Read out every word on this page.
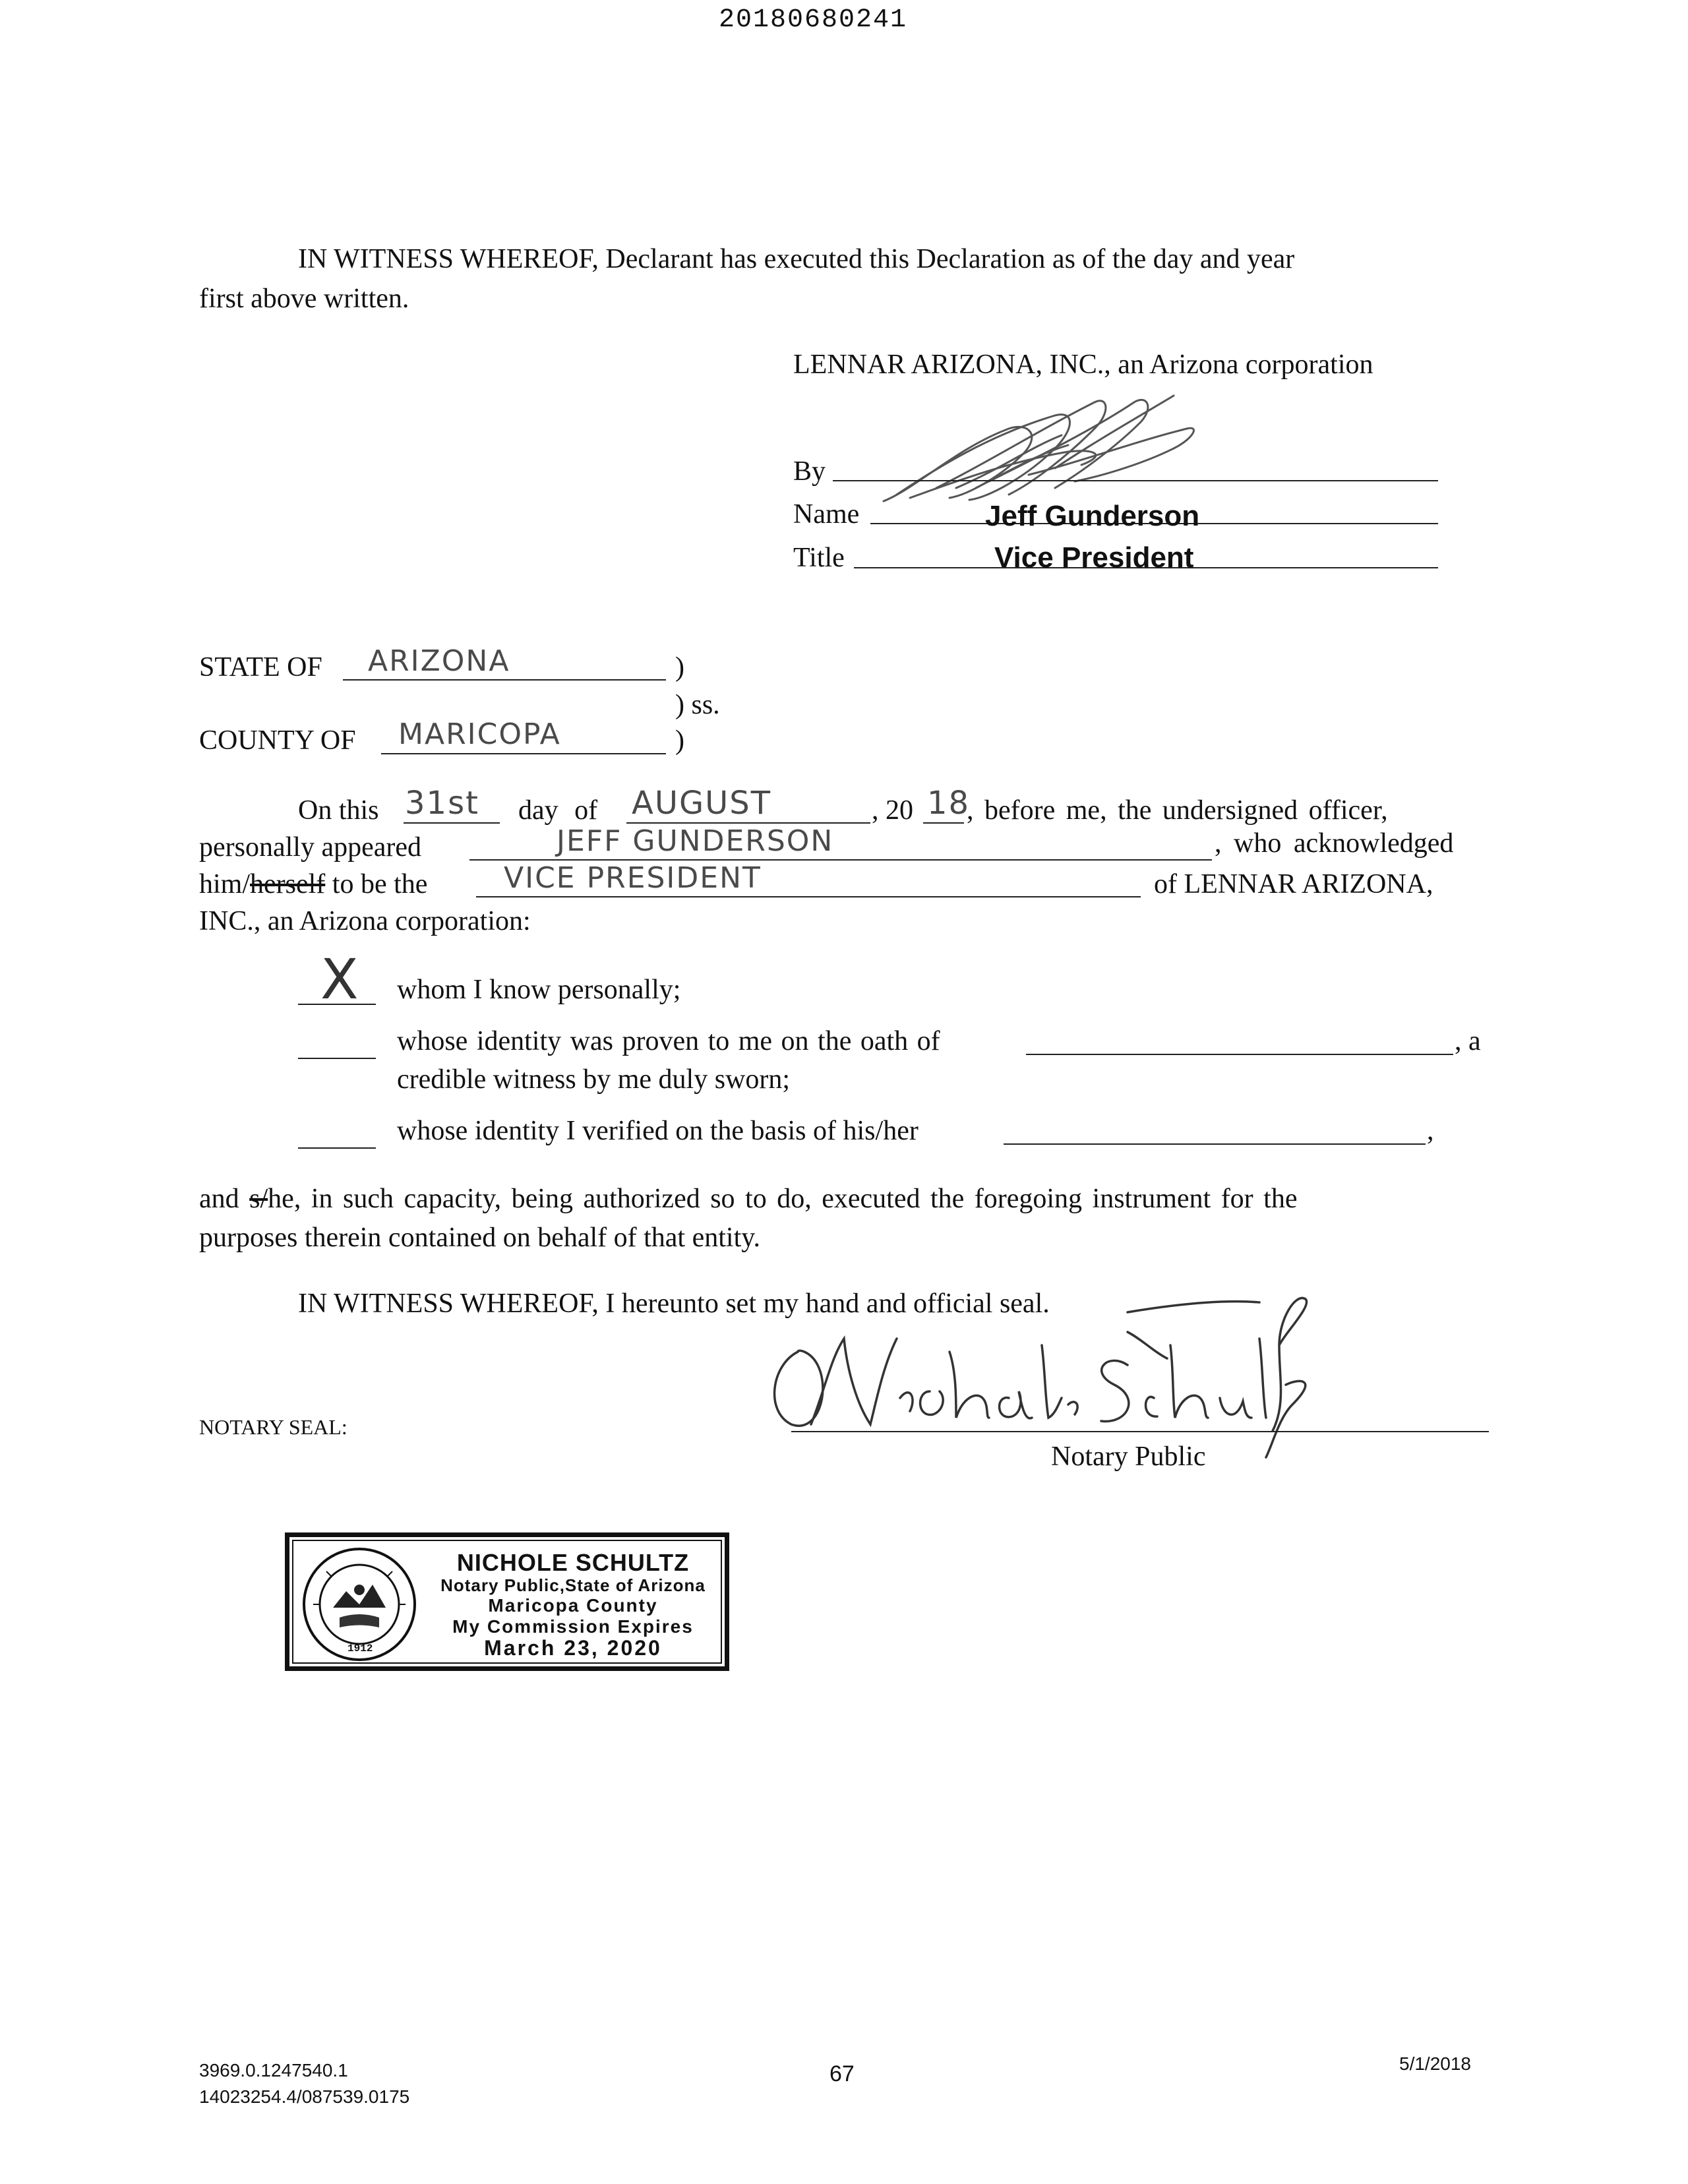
20180680241
IN WITNESS WHEREOF, Declarant has executed this Declaration as of the day and year
first above written.
LENNAR ARIZONA, INC., an Arizona corporation
By
Name	Jeff Gunderson
Title	Vice President
STATE OF ARIZONA	)
) ss.
COUNTY OF MARICOPA	)
On this 31st day of AUGUST	, 20 18
, before me, the undersigned officer,
personally appeared	JEFF GUNDERSON	, who acknowledged
him/herself to be the	VICE PRESIDENT	of LENNAR ARIZONA,
INC., an Arizona corporation:
X whom I know personally;
whose identity was proven to me on the oath of	, a
credible witness by me duly sworn;
whose identity I verified on the basis of his/her	,
and s/he, in such capacity, being authorized so to do, executed the foregoing instrument for the
purposes therein contained on behalf of that entity.
IN WITNESS WHEREOF, I hereunto set my hand and official seal.
NOTARY SEAL:
Notary Public
1912
NICHOLE SCHULTZ
Notary Public,State of Arizona
Maricopa County
My Commission Expires
March 23, 2020
3969.0.1247540.1
14023254.4/087539.0175
67	5/1/2018
